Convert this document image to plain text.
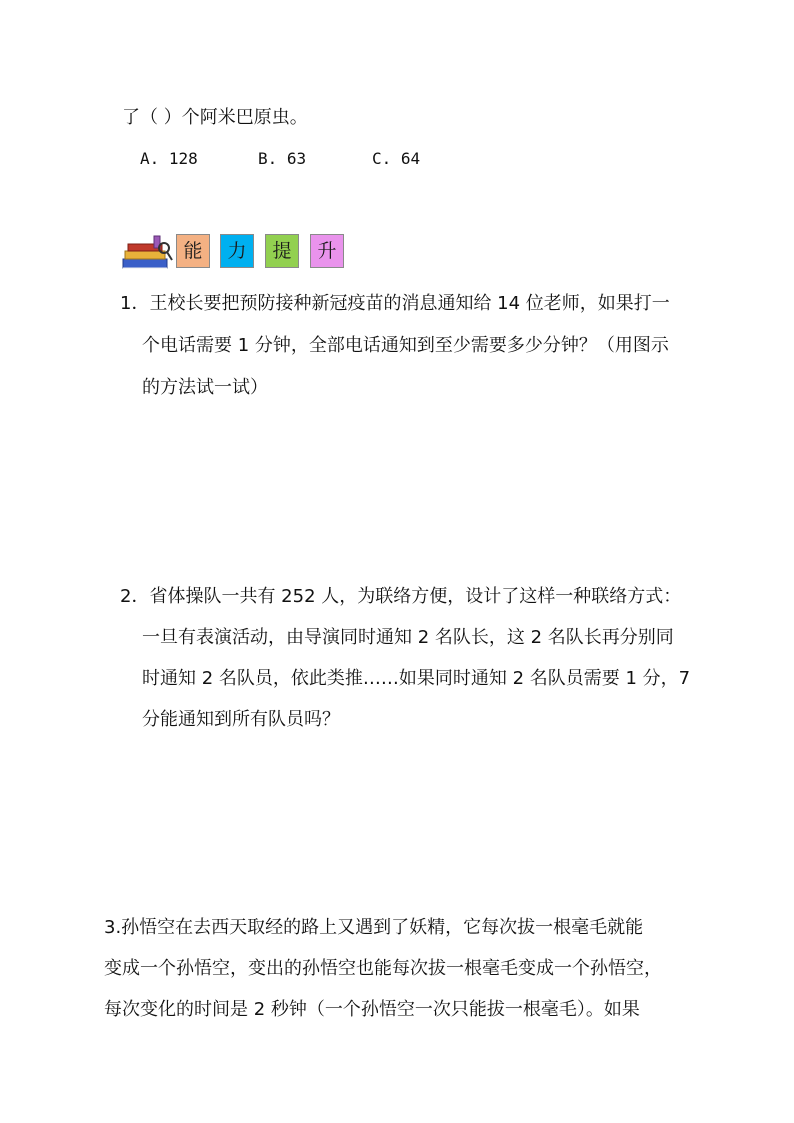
了（ ）个阿米巴原虫。
A. 128	B. 63	C. 64
能	力	提	升
1．王校长要把预防接种新冠疫苗的消息通知给 14 位老师，如果打一
个电话需要 1 分钟，全部电话通知到至少需要多少分钟？（用图示
的方法试一试）
2．省体操队一共有 252 人，为联络方便，设计了这样一种联络方式：
一旦有表演活动，由导演同时通知 2 名队长，这 2 名队长再分别同
时通知 2 名队员，依此类推……如果同时通知 2 名队员需要 1 分，7
分能通知到所有队员吗？
3.孙悟空在去西天取经的路上又遇到了妖精，它每次拔一根毫毛就能
变成一个孙悟空，变出的孙悟空也能每次拔一根毫毛变成一个孙悟空，
每次变化的时间是 2 秒钟（一个孙悟空一次只能拔一根毫毛）。如果
